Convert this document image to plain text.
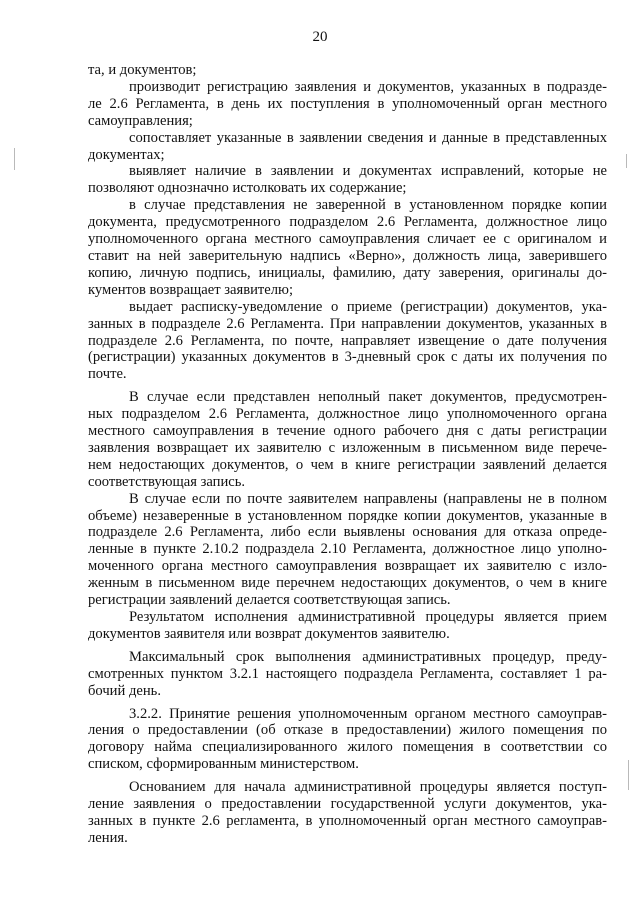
20
та, и документов;
производит регистрацию заявления и документов, указанных в подразде-
ле 2.6 Регламента, в день их поступления в уполномоченный орган местного
самоуправления;
сопоставляет указанные в заявлении сведения и данные в представленных
документах;
выявляет наличие в заявлении и документах исправлений, которые не
позволяют однозначно истолковать их содержание;
в случае представления не заверенной в установленном порядке копии
документа, предусмотренного подразделом 2.6 Регламента, должностное лицо
уполномоченного органа местного самоуправления сличает ее с оригиналом и
ставит на ней заверительную надпись «Верно», должность лица, заверившего
копию, личную подпись, инициалы, фамилию, дату заверения, оригиналы до-
кументов возвращает заявителю;
выдает расписку-уведомление о приеме (регистрации) документов, ука-
занных в подразделе 2.6 Регламента. При направлении документов, указанных в
подразделе 2.6 Регламента, по почте, направляет извещение о дате получения
(регистрации) указанных документов в 3-дневный срок с даты их получения по
почте.
В случае если представлен неполный пакет документов, предусмотрен-
ных подразделом 2.6 Регламента, должностное лицо уполномоченного органа
местного самоуправления в течение одного рабочего дня с даты регистрации
заявления возвращает их заявителю с изложенным в письменном виде перече-
нем недостающих документов, о чем в книге регистрации заявлений делается
соответствующая запись.
В случае если по почте заявителем направлены (направлены не в полном
объеме) незаверенные в установленном порядке копии документов, указанные в
подразделе 2.6 Регламента, либо если выявлены основания для отказа опреде-
ленные в пункте 2.10.2 подраздела 2.10 Регламента, должностное лицо уполно-
моченного органа местного самоуправления возвращает их заявителю с изло-
женным в письменном виде перечнем недостающих документов, о чем в книге
регистрации заявлений делается соответствующая запись.
Результатом исполнения административной процедуры является прием
документов заявителя или возврат документов заявителю.
Максимальный срок выполнения административных процедур, преду-
смотренных пунктом 3.2.1 настоящего подраздела Регламента, составляет 1 ра-
бочий день.
3.2.2. Принятие решения уполномоченным органом местного самоуправ-
ления о предоставлении (об отказе в предоставлении) жилого помещения по
договору найма специализированного жилого помещения в соответствии со
списком, сформированным министерством.
Основанием для начала административной процедуры является поступ-
ление заявления о предоставлении государственной услуги документов, ука-
занных в пункте 2.6 регламента, в уполномоченный орган местного самоуправ-
ления.
